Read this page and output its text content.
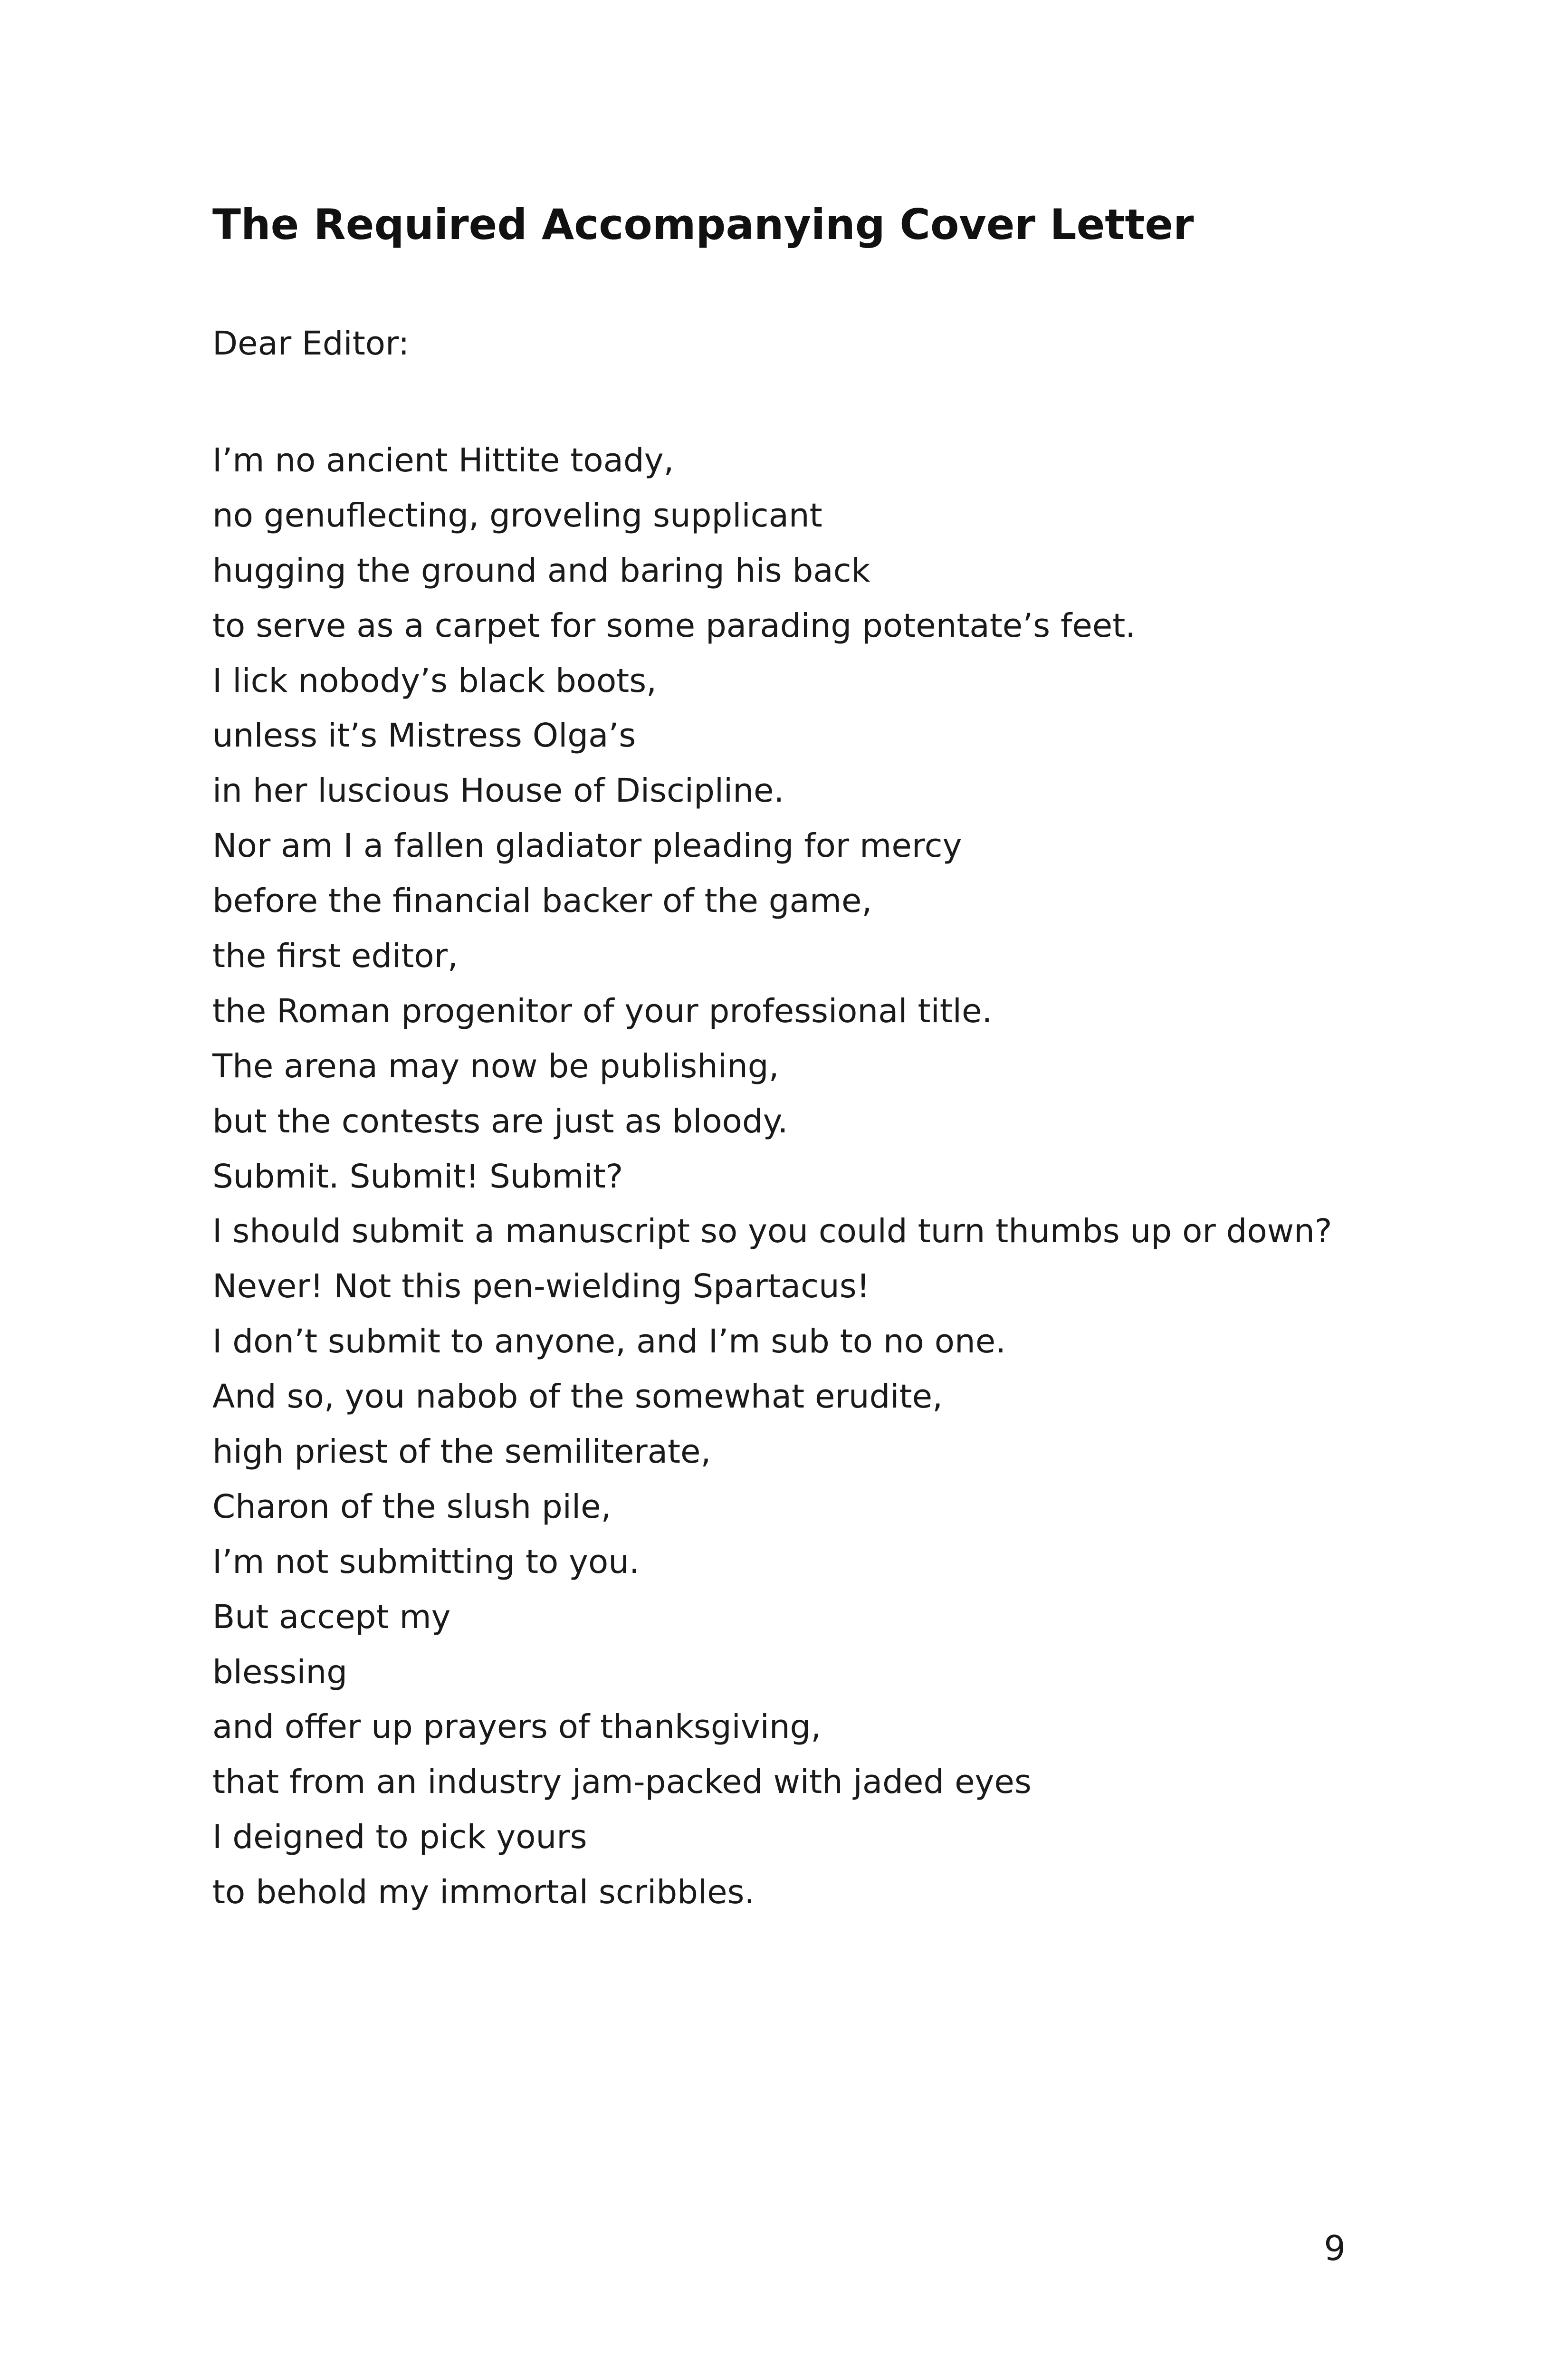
The Required Accompanying Cover Letter

Dear Editor:

I’m no ancient Hittite toady,
no genuflecting, groveling supplicant
hugging the ground and baring his back
to serve as a carpet for some parading potentate’s feet.
I lick nobody’s black boots,
unless it’s Mistress Olga’s
in her luscious House of Discipline.
Nor am I a fallen gladiator pleading for mercy
before the financial backer of the game,
the first editor,
the Roman progenitor of your professional title.
The arena may now be publishing,
but the contests are just as bloody.
Submit. Submit! Submit?
I should submit a manuscript so you could turn thumbs up or down?
Never! Not this pen-wielding Spartacus!
I don’t submit to anyone, and I’m sub to no one.
And so, you nabob of the somewhat erudite,
high priest of the semiliterate,
Charon of the slush pile,
I’m not submitting to you.
But accept my
blessing
and offer up prayers of thanksgiving,
that from an industry jam-packed with jaded eyes
I deigned to pick yours
to behold my immortal scribbles.
9
